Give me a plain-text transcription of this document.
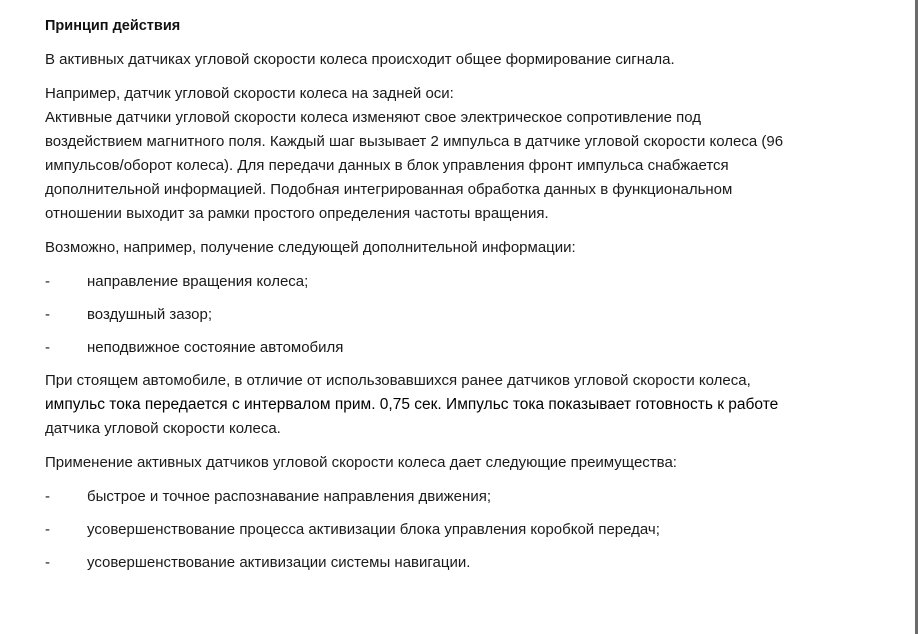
Принцип действия
В активных датчиках угловой скорости колеса происходит общее формирование сигнала.
Например, датчик угловой скорости колеса на задней оси:
Активные датчики угловой скорости колеса изменяют свое электрическое сопротивление под
воздействием магнитного поля. Каждый шаг вызывает 2 импульса в датчике угловой скорости колеса (96
импульсов/оборот колеса). Для передачи данных в блок управления фронт импульса снабжается
дополнительной информацией. Подобная интегрированная обработка данных в функциональном
отношении выходит за рамки простого определения частоты вращения.
Возможно, например, получение следующей дополнительной информации:
-	направление вращения колеса;
-	воздушный зазор;
-	неподвижное состояние автомобиля
При стоящем автомобиле, в отличие от использовавшихся ранее датчиков угловой скорости колеса,
импульс тока передается с интервалом прим. 0,75 сек. Импульс тока показывает готовность к работе
датчика угловой скорости колеса.
Применение активных датчиков угловой скорости колеса дает следующие преимущества:
-	быстрое и точное распознавание направления движения;
-	усовершенствование процесса активизации блока управления коробкой передач;
-	усовершенствование активизации системы навигации.
